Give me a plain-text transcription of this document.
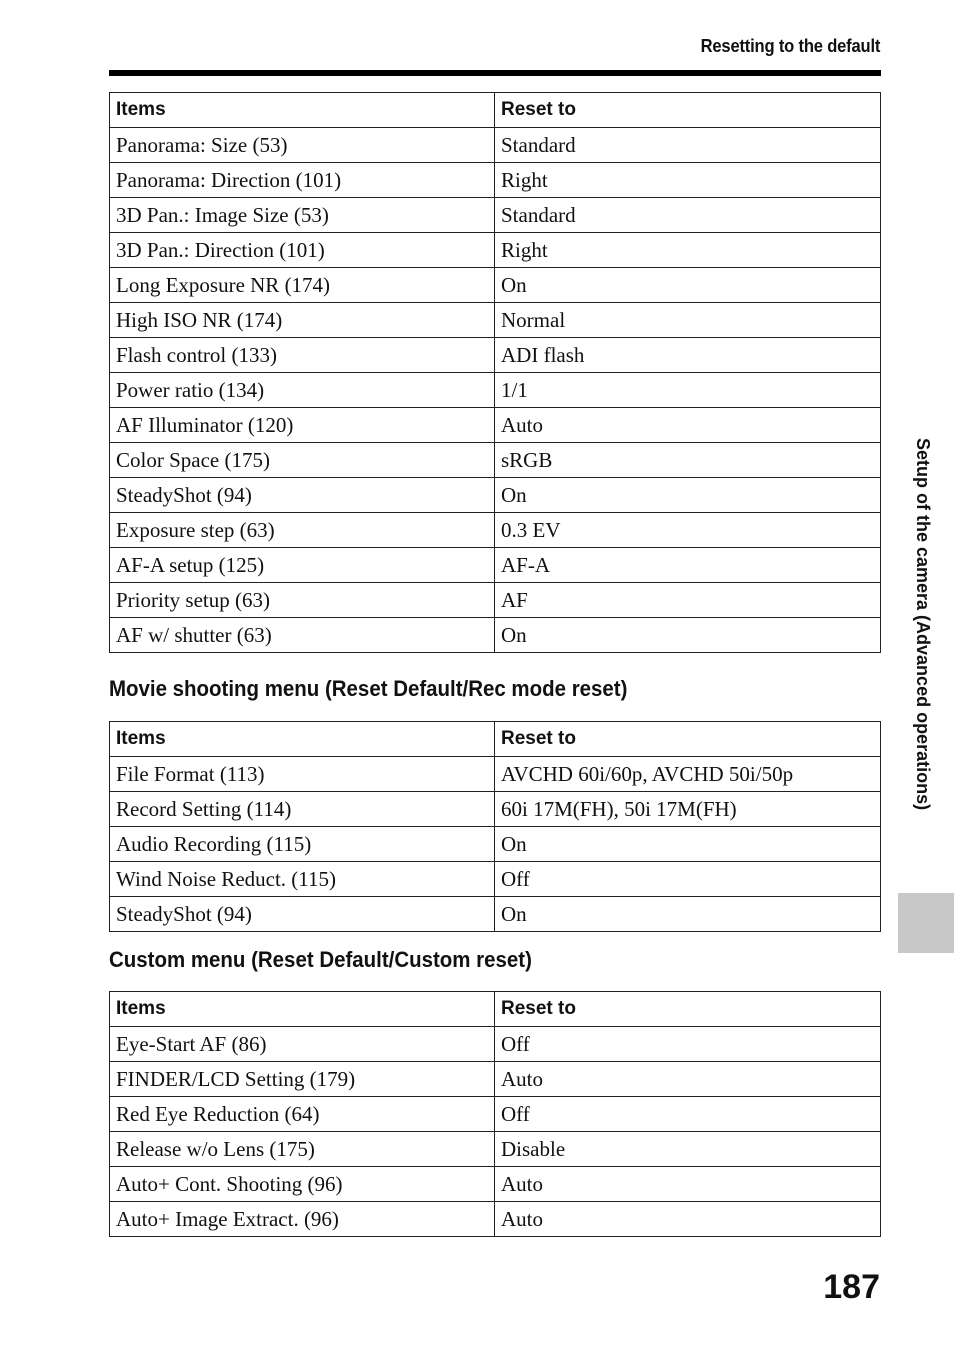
Resetting to the default
Items	Reset to
Panorama: Size (53)	Standard
Panorama: Direction (101)	Right
3D Pan.: Image Size (53)	Standard
3D Pan.: Direction (101)	Right
Long Exposure NR (174)	On
High ISO NR (174)	Normal
Flash control (133)	ADI flash
Power ratio (134)	1/1
AF Illuminator (120)	Auto
Color Space (175)	sRGB
SteadyShot (94)	On
Exposure step (63)	0.3 EV
AF-A setup (125)	AF-A
Priority setup (63)	AF
AF w/ shutter (63)	On
Movie shooting menu (Reset Default/Rec mode reset)
Items	Reset to
File Format (113)	AVCHD 60i/60p, AVCHD 50i/50p
Record Setting (114)	60i 17M(FH), 50i 17M(FH)
Audio Recording (115)	On
Wind Noise Reduct. (115)	Off
SteadyShot (94)	On
Custom menu (Reset Default/Custom reset)
Items	Reset to
Eye-Start AF (86)	Off
FINDER/LCD Setting (179)	Auto
Red Eye Reduction (64)	Off
Release w/o Lens (175)	Disable
Auto+ Cont. Shooting (96)	Auto
Auto+ Image Extract. (96)	Auto
Setup of the camera (Advanced operations)
187
